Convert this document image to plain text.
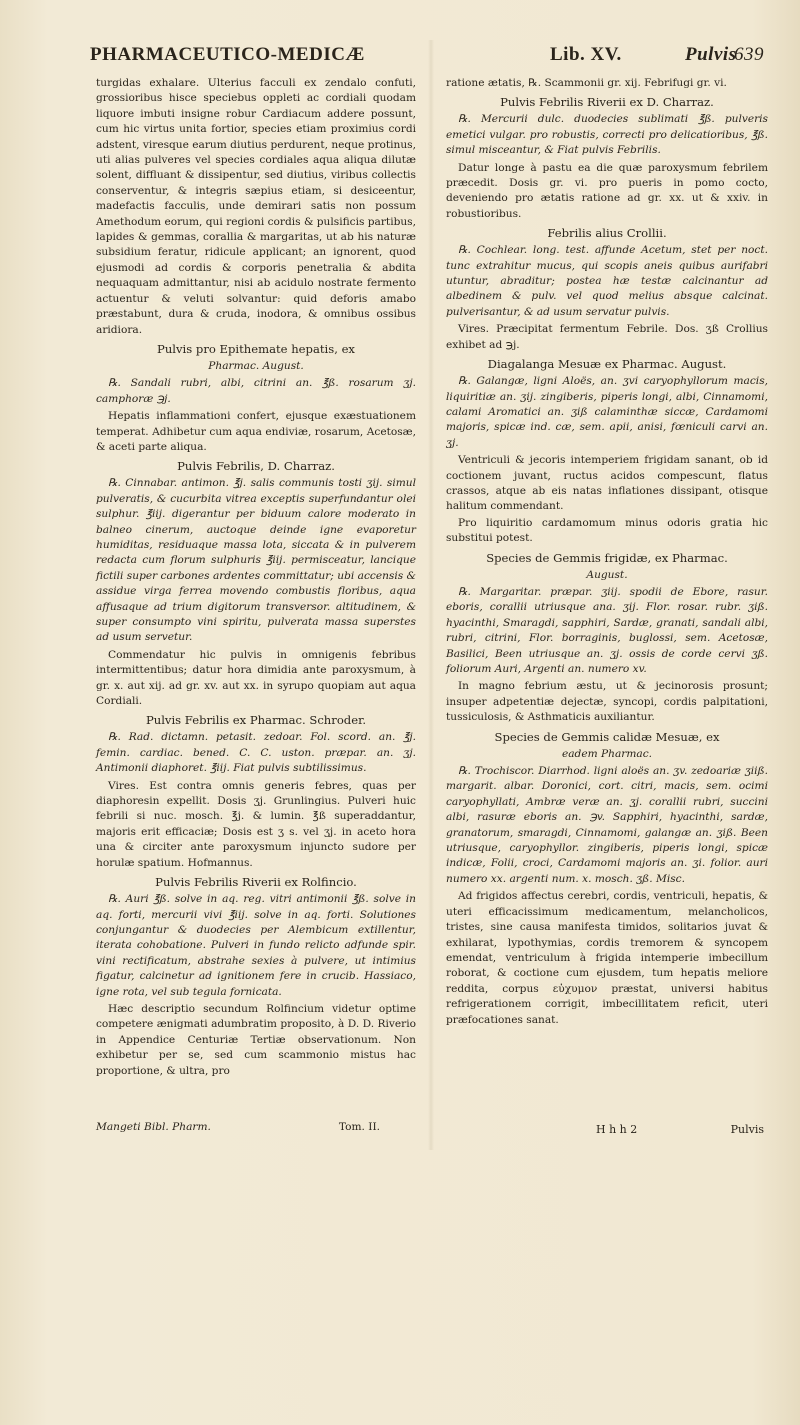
PHARMACEUTICO-MEDICÆ	Lib. XV.	Pulvis
639

turgidas exhalare. Ulterius facculi ex zendalo confuti, grossioribus hisce speciebus oppleti ac cordiali quodam liquore imbuti insigne robur Cardiacum addere possunt, cum hic virtus unita fortior, species etiam proximius cordi adstent, viresque earum diutius perdurent, neque protinus, uti alias pulveres vel species cordiales aqua aliqua dilutæ solent, diffluant & dissipentur, sed diutius, viribus collectis conserventur, & integris sæpius etiam, si desiceentur, madefactis facculis, unde demirari satis non possum Amethodum eorum, qui regioni cordis & pulsificis partibus, lapides & gemmas, corallia & margaritas, ut ab his naturæ subsidium feratur, ridicule applicant; an ignorent, quod ejusmodi ad cordis & corporis penetralia & abdita nequaquam admittantur, nisi ab acidulo nostrate fermento actuentur & veluti solvantur: quid deforis amabo præstabunt, dura & cruda, inodora, & omnibus ossibus aridiora.

Pulvis pro Epithemate hepatis, ex
Pharmac. August.

℞. Sandali rubri, albi, citrini an. ℥ß. rosarum ʒj. camphoræ ℈j.

Hepatis inflammationi confert, ejusque exæstuationem temperat. Adhibetur cum aqua endiviæ, rosarum, Acetosæ, & aceti parte aliqua.

Pulvis Febrilis, D. Charraz.

℞. Cinnabar. antimon. ℥j. salis communis tosti ʒij. simul pulveratis, & cucurbita vitrea exceptis superfundantur olei sulphur. ℥iij. digerantur per biduum calore moderato in balneo cinerum, auctoque deinde igne evaporetur humiditas, residuaque massa lota, siccata & in pulverem redacta cum florum sulphuris ℥iij. permisceatur, lancique fictili super carbones ardentes committatur; ubi accensis & assidue virga ferrea movendo combustis floribus, aqua affusaque ad trium digitorum transversor. altitudinem, & super consumpto vini spiritu, pulverata massa superstes ad usum servetur.

Commendatur hic pulvis in omnigenis febribus intermittentibus; datur hora dimidia ante paroxysmum, à gr. x. aut xij. ad gr. xv. aut xx. in syrupo quopiam aut aqua Cordiali.

Pulvis Febrilis ex Pharmac. Schroder.

℞. Rad. dictamn. petasit. zedoar. Fol. scord. an. ℥j. femin. cardiac. bened. C. C. uston. præpar. an. ʒj. Antimonii diaphoret. ℥iij. Fiat pulvis subtilissimus.

Vires. Est contra omnis generis febres, quas per diaphoresin expellit. Dosis ʒj. Grunlingius. Pulveri huic febrili si nuc. mosch. ℥j. & lumin. ℥ß superaddantur, majoris erit efficaciæ; Dosis est ʒ s. vel ʒj. in aceto hora una & circiter ante paroxysmum injuncto sudore per horulæ spatium. Hofmannus.

Pulvis Febrilis Riverii ex Rolfincio.

℞. Auri ℥ß. solve in aq. reg. vitri antimonii ℥ß. solve in aq. forti, mercurii vivi ℥iij. solve in aq. forti. Solutiones conjungantur & duodecies per Alembicum extillentur, iterata cohobatione. Pulveri in fundo relicto adfunde spir. vini rectificatum, abstrahe sexies à pulvere, ut intimius figatur, calcinetur ad ignitionem fere in crucib. Hassiaco, igne rota, vel sub tegula fornicata.

Hæc descriptio secundum Rolfincium videtur optime competere ænigmati adumbratim proposito, à D. D. Riverio in Appendice Centuriæ Tertiæ observationum. Non exhibetur per se, sed cum scammonio mistus hac proportione, & ultra, pro

ratione ætatis, ℞. Scammonii gr. xij. Febrifugi gr. vi.

Pulvis Febrilis Riverii ex D. Charraz.

℞. Mercurii dulc. duodecies sublimati ℥ß. pulveris emetici vulgar. pro robustis, correcti pro delicatioribus, ℥ß. simul misceantur, & Fiat pulvis Febrilis.

Datur longe à pastu ea die quæ paroxysmum febrilem præcedit. Dosis gr. vi. pro pueris in pomo cocto, deveniendo pro ætatis ratione ad gr. xx. ut & xxiv. in robustioribus.

Febrilis alius Crollii.

℞. Cochlear. long. test. affunde Acetum, stet per noct. tunc extrahitur mucus, qui scopis aneis quibus aurifabri utuntur, abraditur; postea hæ testæ calcinantur ad albedinem & pulv. vel quod melius absque calcinat. pulverisantur, & ad usum servatur pulvis.

Vires. Præcipitat fermentum Febrile. Dos. ʒß Crollius exhibet ad ℈j.

Diagalanga Mesuæ ex Pharmac. August.

℞. Galangæ, ligni Aloës, an. ʒvi caryophyllorum macis, liquiritiæ an. ʒij. zingiberis, piperis longi, albi, Cinnamomi, calami Aromatici an. ʒiß calaminthæ siccæ, Cardamomi majoris, spicæ ind. cæ, sem. apii, anisi, fœniculi carvi an. ʒj.

Ventriculi & jecoris intemperiem frigidam sanant, ob id coctionem juvant, ructus acidos compescunt, flatus crassos, atque ab eis natas inflationes dissipant, otisque halitum commendant.

Pro liquiritio cardamomum minus odoris gratia hic substitui potest.

Species de Gemmis frigidæ, ex Pharmac.
August.

℞. Margaritar. præpar. ʒiij. spodii de Ebore, rasur. eboris, corallii utriusque ana. ʒij. Flor. rosar. rubr. ʒiß. hyacinthi, Smaragdi, sapphiri, Sardæ, granati, sandali albi, rubri, citrini, Flor. borraginis, buglossi, sem. Acetosæ, Basilici, Been utriusque an. ʒj. ossis de corde cervi ʒß. foliorum Auri, Argenti an. numero xv.

In magno febrium æstu, ut & jecinorosis prosunt; insuper adpetentiæ dejectæ, syncopi, cordis palpitationi, tussiculosis, & Asthmaticis auxiliantur.

Species de Gemmis calidæ Mesuæ, ex
eadem Pharmac.

℞. Trochiscor. Diarrhod. ligni aloës an. ʒv. zedoariæ ʒiiß. margarit. albar. Doronici, cort. citri, macis, sem. ocimi caryophyllati, Ambræ veræ an. ʒj. corallii rubri, succini albi, rasuræ eboris an. ℈v. Sapphiri, hyacinthi, sardæ, granatorum, smaragdi, Cinnamomi, galangæ an. ʒiß. Been utriusque, caryophyllor. zingiberis, piperis longi, spicæ indicæ, Folii, croci, Cardamomi majoris an. ʒi. folior. auri numero xx. argenti num. x. mosch. ʒß. Misc.

Ad frigidos affectus cerebri, cordis, ventriculi, hepatis, & uteri efficacissimum medicamentum, melancholicos, tristes, sine causa manifesta timidos, solitarios juvat & exhilarat, lypothymias, cordis tremorem & syncopem emendat, ventriculum à frigida intemperie imbecillum roborat, & coctione cum ejusdem, tum hepatis meliore reddita, corpus εὐχυμον præstat, universi habitus refrigerationem corrigit, imbecillitatem reficit, uteri præfocationes sanat.

Mangeti Bibl. Pharm.	Tom. II.	H h h 2	Pulvis
